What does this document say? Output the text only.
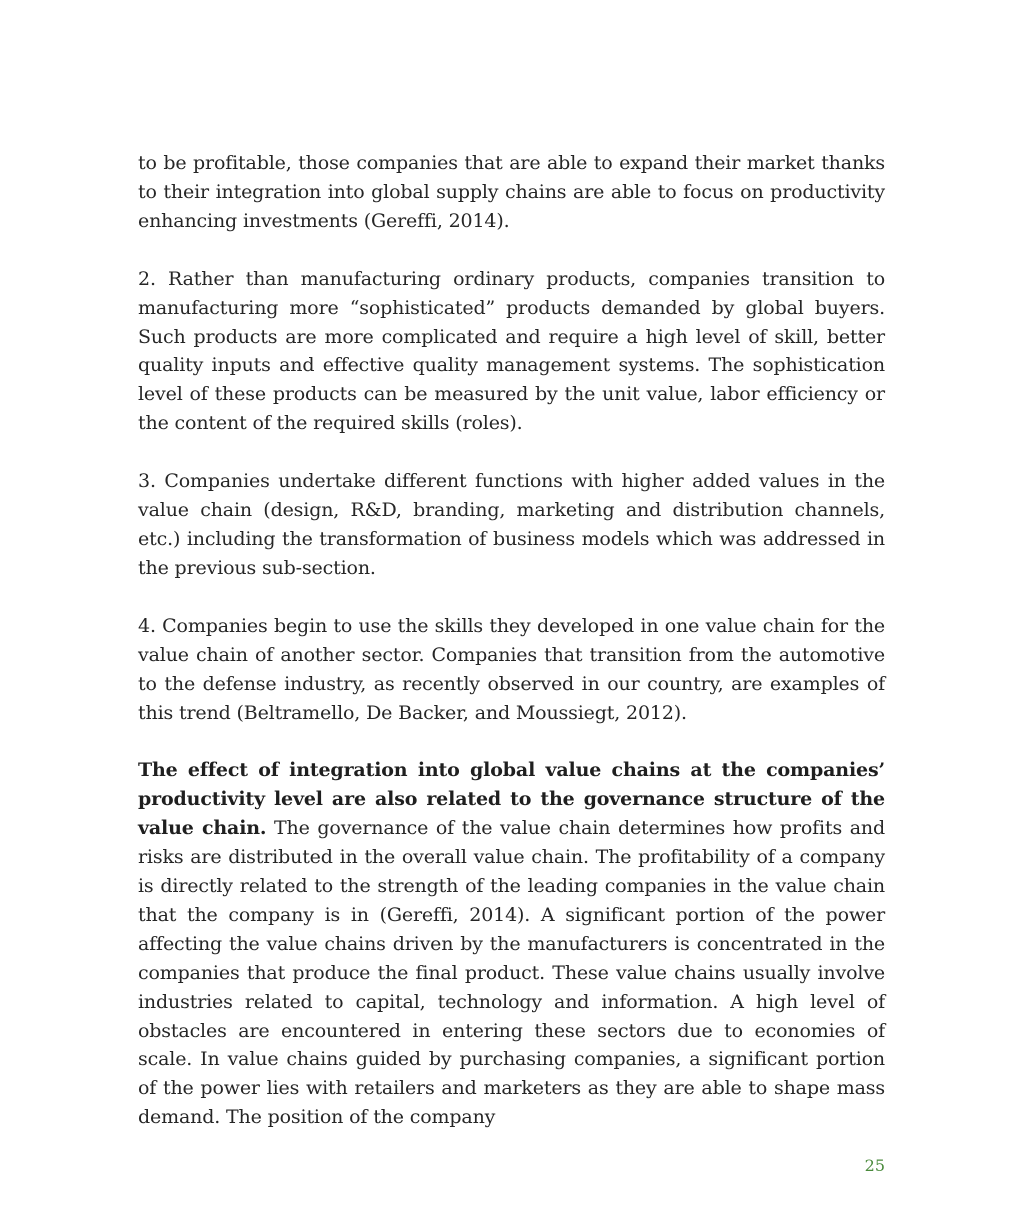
to be profitable, those companies that are able to expand their market thanks to their integration into global supply chains are able to focus on productivity enhancing investments (Gereffi, 2014).

2. Rather than manufacturing ordinary products, companies transition to manufacturing more “sophisticated” products demanded by global buyers. Such products are more complicated and require a high level of skill, better quality inputs and effective quality management systems. The sophistication level of these products can be measured by the unit value, labor efficiency or the content of the required skills (roles).

3. Companies undertake different functions with higher added values in the value chain (design, R&D, branding, marketing and distribution channels, etc.) including the transformation of business models which was addressed in the previous sub-section.

4. Companies begin to use the skills they developed in one value chain for the value chain of another sector. Companies that transition from the automotive to the defense industry, as recently observed in our country, are examples of this trend (Beltramello, De Backer, and Moussiegt, 2012).

The effect of integration into global value chains at the companies’ productivity level are also related to the governance structure of the value chain. The governance of the value chain determines how profits and risks are distributed in the overall value chain. The profitability of a company is directly related to the strength of the leading companies in the value chain that the company is in (Gereffi, 2014). A significant portion of the power affecting the value chains driven by the manufacturers is concentrated in the companies that produce the final product. These value chains usually involve industries related to capital, technology and information. A high level of obstacles are encountered in entering these sectors due to economies of scale. In value chains guided by purchasing companies, a significant portion of the power lies with retailers and marketers as they are able to shape mass demand. The position of the company

25
